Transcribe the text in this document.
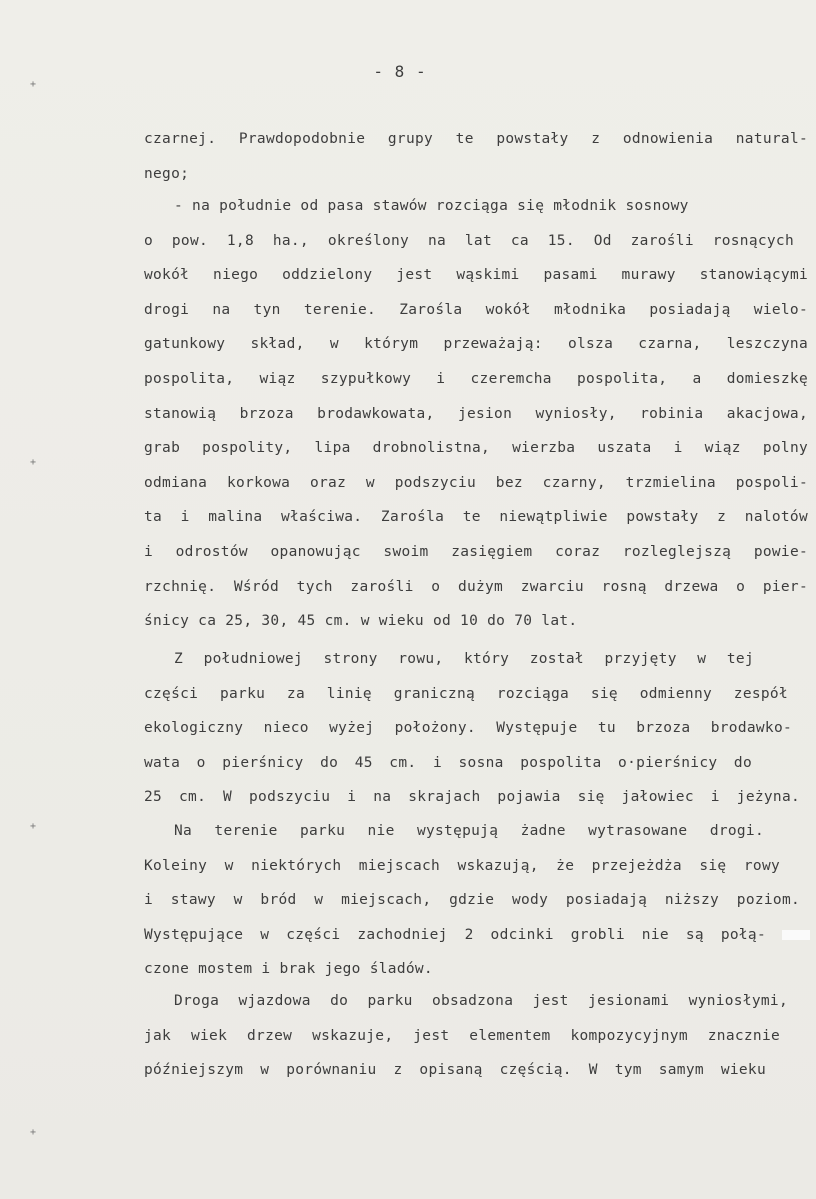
- 8 -
+
+
+
+
czarnej. Prawdopodobnie grupy te powstały z odnowienia natural-
nego;
- na południe od pasa stawów rozciąga się młodnik sosnowy
o pow. 1,8 ha., określony na lat ca 15. Od zarośli rosnących
wokół niego oddzielony jest wąskimi pasami murawy stanowiącymi
drogi na tyn terenie. Zarośla wokół młodnika posiadają wielo-
gatunkowy skład, w którym przeważają: olsza czarna, leszczyna
pospolita, wiąz szypułkowy i czeremcha pospolita, a domieszkę
stanowią brzoza brodawkowata, jesion wyniosły, robinia akacjowa,
grab pospolity, lipa drobnolistna, wierzba uszata i wiąz polny
odmiana korkowa oraz w podszyciu bez czarny, trzmielina pospoli-
ta i malina właściwa. Zarośla te niewątpliwie powstały z nalotów
i odrostów opanowując swoim zasięgiem coraz rozleglejszą powie-
rzchnię. Wśród tych zarośli o dużym zwarciu rosną drzewa o pier-
śnicy ca 25, 30, 45 cm. w wieku od 10 do 70 lat.
Z południowej strony rowu, który został przyjęty w tej
części parku za linię graniczną rozciąga się odmienny zespół
ekologiczny nieco wyżej położony. Występuje tu brzoza brodawko-
wata o pierśnicy do 45 cm. i sosna pospolita o·pierśnicy do
25 cm. W podszyciu i na skrajach pojawia się jałowiec i jeżyna.
Na terenie parku nie występują żadne wytrasowane drogi.
Koleiny w niektórych miejscach wskazują, że przejeżdża się rowy
i stawy w bród w miejscach, gdzie wody posiadają niższy poziom.
Występujące w części zachodniej 2 odcinki grobli nie są połą-
czone mostem i brak jego śladów.
Droga wjazdowa do parku obsadzona jest jesionami wyniosłymi,
jak wiek drzew wskazuje, jest elementem kompozycyjnym znacznie
późniejszym w porównaniu z opisaną częścią. W tym samym wieku
